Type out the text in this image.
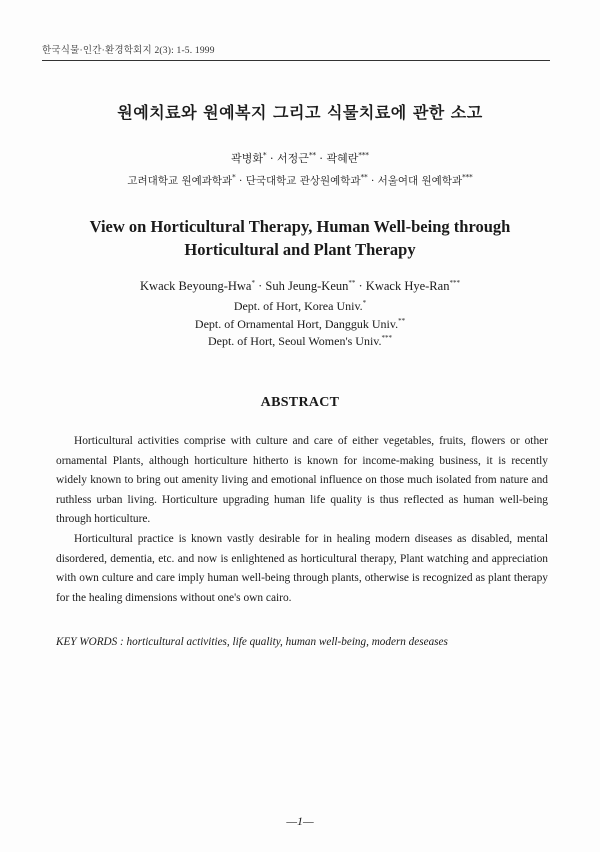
한국식물·인간·환경학회지 2(3): 1-5. 1999
원예치료와 원예복지 그리고 식물치료에 관한 소고
곽병화* · 서정근** · 곽혜란***
고려대학교 원예과학과* · 단국대학교 관상원예학과** · 서울여대 원예학과***
View on Horticultural Therapy, Human Well-being through
Horticultural and Plant Therapy
Kwack Beyoung-Hwa* · Suh Jeung-Keun** · Kwack Hye-Ran***
Dept. of Hort, Korea Univ.*
Dept. of Ornamental Hort, Dangguk Univ.**
Dept. of Hort, Seoul Women's Univ.***
ABSTRACT

Horticultural activities comprise with culture and care of either vegetables, fruits, flowers or other ornamental Plants, although horticulture hitherto is known for income-making business, it is recently widely known to bring out amenity living and emotional influence on those much isolated from nature and ruthless urban living. Horticulture upgrading human life quality is thus reflected as human well-being through horticulture.

Horticultural practice is known vastly desirable for in healing modern diseases as disabled, mental disordered, dementia, etc. and now is enlightened as horticultural therapy, Plant watching and appreciation with own culture and care imply human well-being through plants, otherwise is recognized as plant therapy for the healing dimensions without one's own cairo.

KEY WORDS : horticultural activities, life quality, human well-being, modern deseases
—1—
